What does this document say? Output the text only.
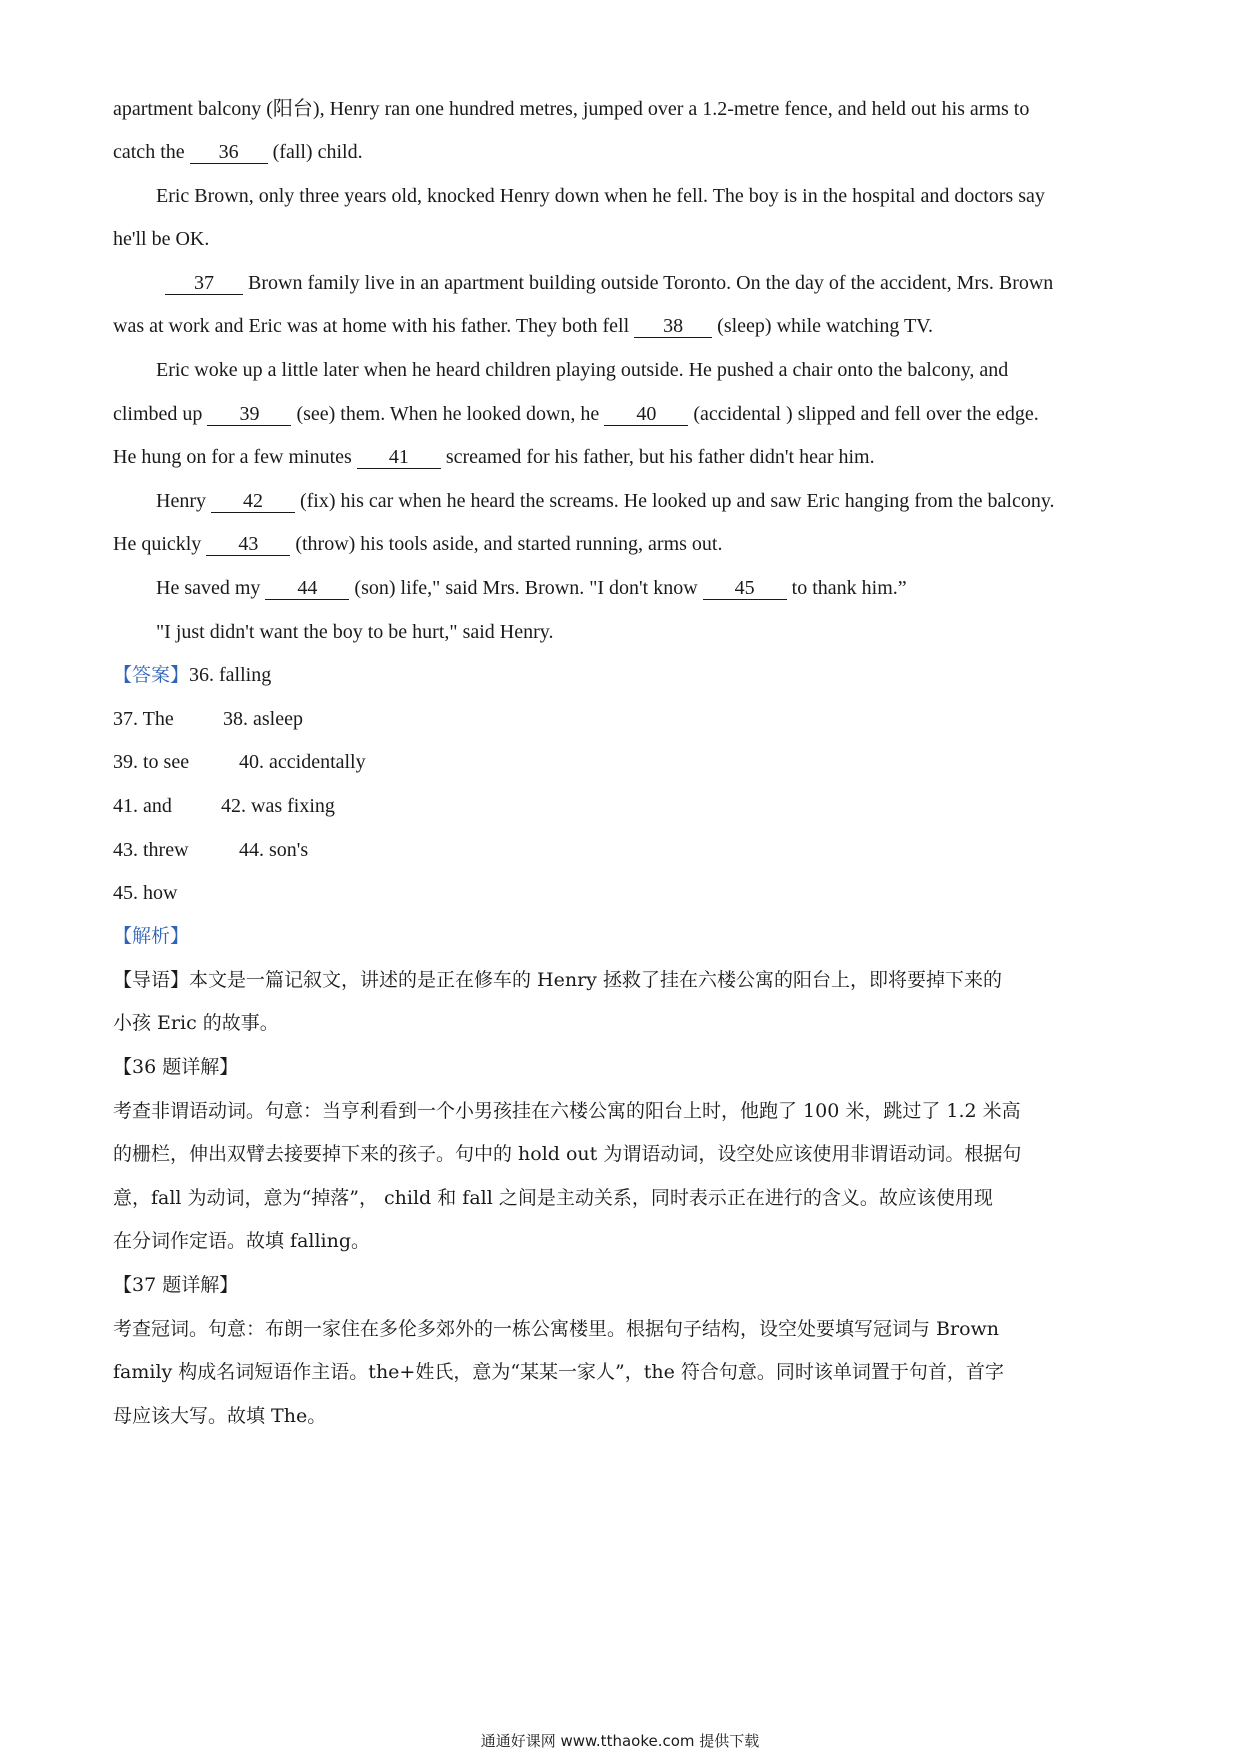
apartment balcony (阳台), Henry ran one hundred metres, jumped over a 1.2-metre fence, and held out his arms to
catch the 36 (fall) child.
Eric Brown, only three years old, knocked Henry down when he fell. The boy is in the hospital and doctors say
he'll be OK.
37 Brown family live in an apartment building outside Toronto. On the day of the accident, Mrs. Brown
was at work and Eric was at home with his father. They both fell 38 (sleep) while watching TV.
Eric woke up a little later when he heard children playing outside. He pushed a chair onto the balcony, and
climbed up 39 (see) them. When he looked down, he 40 (accidental ) slipped and fell over the edge.
He hung on for a few minutes 41 screamed for his father, but his father didn't hear him.
Henry 42 (fix) his car when he heard the screams. He looked up and saw Eric hanging from the balcony.
He quickly 43 (throw) his tools aside, and started running, arms out.
He saved my 44 (son) life," said Mrs. Brown. "I don't know 45 to thank him.”
"I just didn't want the boy to be hurt," said Henry.
【答案】36. falling
37. The 38. asleep
39. to see 40. accidentally
41. and 42. was fixing
43. threw	44. son's
45. how
【解析】
【导语】本文是一篇记叙文，讲述的是正在修车的 Henry 拯救了挂在六楼公寓的阳台上，即将要掉下来的
小孩 Eric 的故事。
【36 题详解】
考查非谓语动词。句意：当亨利看到一个小男孩挂在六楼公寓的阳台上时，他跑了 100 米，跳过了 1.2 米高
的栅栏，伸出双臂去接要掉下来的孩子。句中的 hold out 为谓语动词，设空处应该使用非谓语动词。根据句
意，fall 为动词，意为“掉落”， child 和 fall 之间是主动关系，同时表示正在进行的含义。故应该使用现
在分词作定语。故填 falling。
【37 题详解】
考查冠词。句意：布朗一家住在多伦多郊外的一栋公寓楼里。根据句子结构，设空处要填写冠词与 Brown
family 构成名词短语作主语。the+姓氏，意为“某某一家人”，the 符合句意。同时该单词置于句首，首字
母应该大写。故填 The。
通通好课网 www.tthaoke.com 提供下载
